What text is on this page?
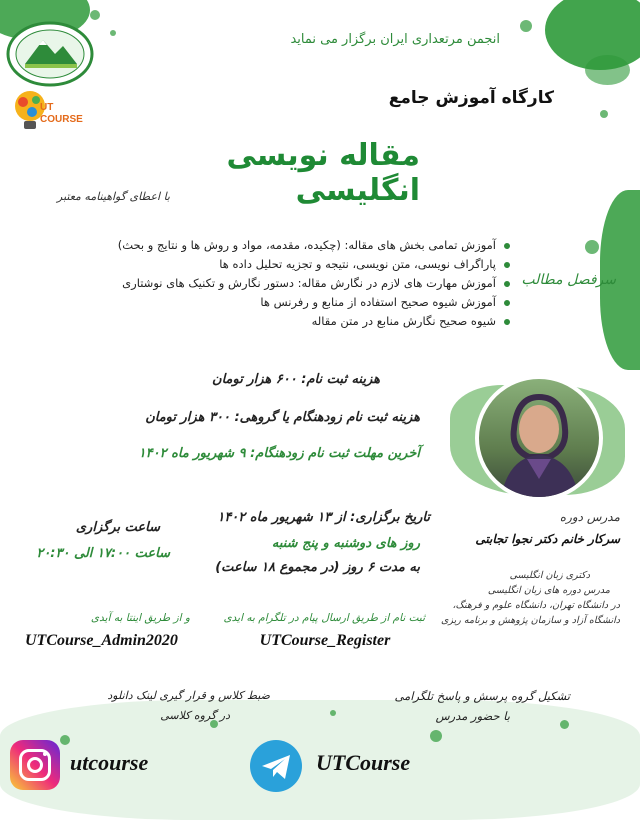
UT COURSE
انجمن مرتعداری ایران برگزار می نماید
کارگاه آموزش جامع
مقاله نویسی انگلیسی
با اعطای گواهینامه معتبر
سرفصل مطالب
آموزش تمامی بخش های مقاله: (چکیده، مقدمه، مواد و روش ها و نتایج و بحث)
پاراگراف نویسی، متن نویسی، نتیجه و تجزیه تحلیل داده ها
آموزش مهارت های لازم در نگارش مقاله: دستور نگارش و تکنیک های نوشتاری
آموزش شیوه صحیح استفاده از منابع و رفرنس ها
شیوه صحیح نگارش منابع در متن مقاله
هزینه ثبت نام: ۶۰۰ هزار تومان
هزینه ثبت نام زودهنگام یا گروهی: ۳۰۰ هزار تومان
آخرین مهلت ثبت نام زودهنگام: ۹ شهریور ماه ۱۴۰۲
تاریخ برگزاری: از ۱۳ شهریور ماه ۱۴۰۲
روز های دوشنبه و پنج شنبه
به مدت ۶ روز (در مجموع ۱۸ ساعت)
ساعت برگزاری
ساعت ۱۷:۰۰ الی ۲۰:۳۰
مدرس دوره
سرکار خانم دکتر نجوا تجابتی
دکتری زبان انگلیسی
مدرس دوره های زبان انگلیسی
در دانشگاه تهران، دانشگاه علوم و فرهنگ،
دانشگاه آزاد و سازمان پژوهش و برنامه ریزی
ثبت نام از طریق ارسال پیام در تلگرام به ایدی
UTCourse_Register
و از طریق اینتا به آیدی
UTCourse_Admin2020
ضبط کلاس و قرار گیری لینک دانلود
در گروه کلاسی
تشکیل گروه پرسش و پاسخ تلگرامی
با حضور مدرس
utcourse	UTCourse
